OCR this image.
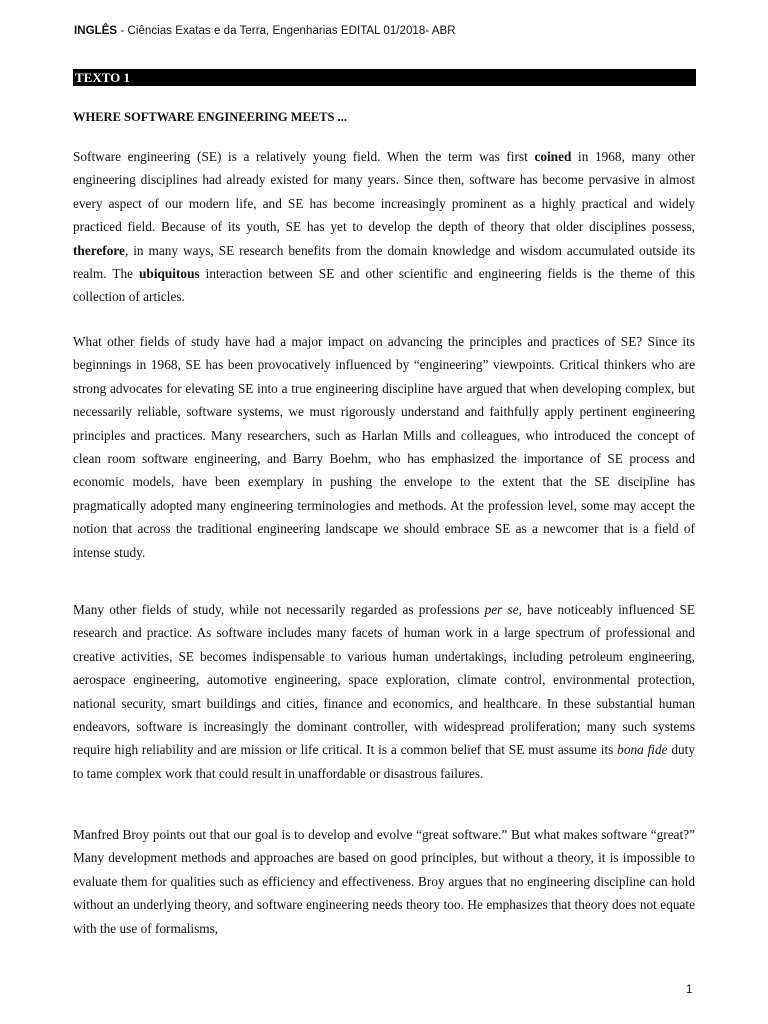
INGLÊS - Ciências Exatas e da Terra, Engenharias EDITAL 01/2018- ABR
TEXTO 1
WHERE SOFTWARE ENGINEERING MEETS ...

Software engineering (SE) is a relatively young field. When the term was first coined in 1968, many other engineering disciplines had already existed for many years. Since then, software has become pervasive in almost every aspect of our modern life, and SE has become increasingly prominent as a highly practical and widely practiced field. Because of its youth, SE has yet to develop the depth of theory that older disciplines possess, therefore, in many ways, SE research benefits from the domain knowledge and wisdom accumulated outside its realm. The ubiquitous interaction between SE and other scientific and engineering fields is the theme of this collection of articles.

What other fields of study have had a major impact on advancing the principles and practices of SE? Since its beginnings in 1968, SE has been provocatively influenced by “engineering” viewpoints. Critical thinkers who are strong advocates for elevating SE into a true engineering discipline have argued that when developing complex, but necessarily reliable, software systems, we must rigorously understand and faithfully apply pertinent engineering principles and practices. Many researchers, such as Harlan Mills and colleagues, who introduced the concept of clean room software engineering, and Barry Boehm, who has emphasized the importance of SE process and economic models, have been exemplary in pushing the envelope to the extent that the SE discipline has pragmatically adopted many engineering terminologies and methods. At the profession level, some may accept the notion that across the traditional engineering landscape we should embrace SE as a newcomer that is a field of intense study.

Many other fields of study, while not necessarily regarded as professions per se, have noticeably influenced SE research and practice. As software includes many facets of human work in a large spectrum of professional and creative activities, SE becomes indispensable to various human undertakings, including petroleum engineering, aerospace engineering, automotive engineering, space exploration, climate control, environmental protection, national security, smart buildings and cities, finance and economics, and healthcare. In these substantial human endeavors, software is increasingly the dominant controller, with widespread proliferation; many such systems require high reliability and are mission or life critical. It is a common belief that SE must assume its bona fide duty to tame complex work that could result in unaffordable or disastrous failures.

Manfred Broy points out that our goal is to develop and evolve “great software.” But what makes software “great?” Many development methods and approaches are based on good principles, but without a theory, it is impossible to evaluate them for qualities such as efficiency and effectiveness. Broy argues that no engineering discipline can hold without an underlying theory, and software engineering needs theory too. He emphasizes that theory does not equate with the use of formalisms,

1
